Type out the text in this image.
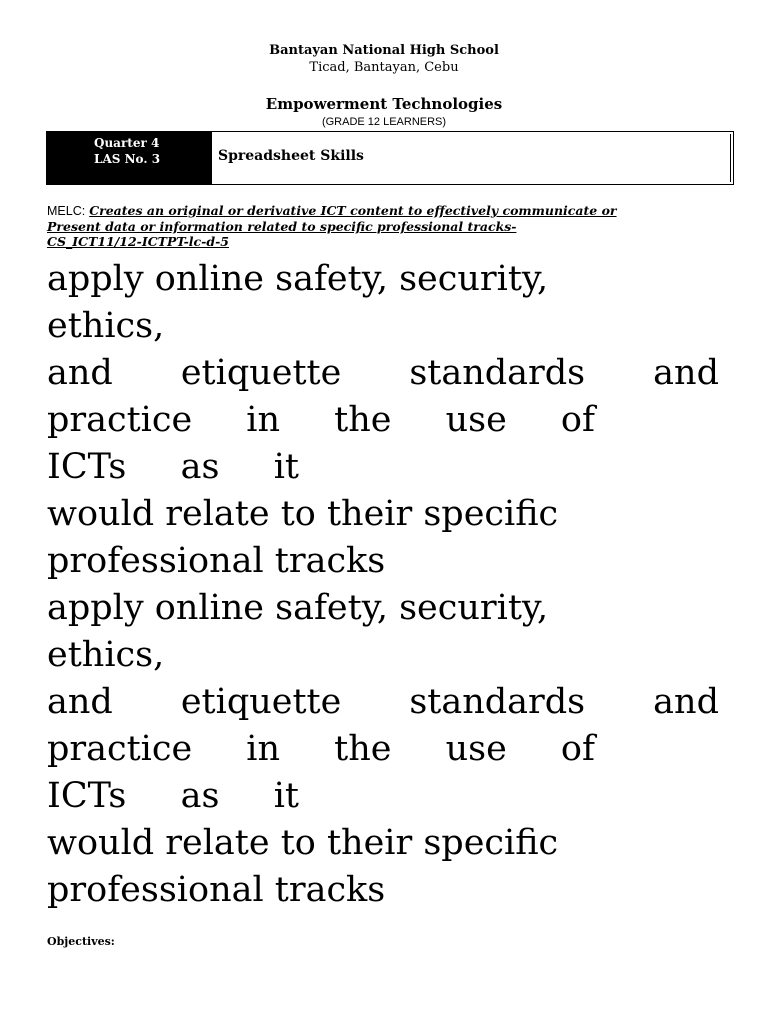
Bantayan National High School
Ticad, Bantayan, Cebu
Empowerment Technologies
(GRADE 12 LEARNERS)
Quarter 4
LAS No. 3	Spreadsheet Skills
MELC: Creates an original or derivative ICT content to effectively communicate or
Present data or information related to specific professional tracks-
CS_ICT11/12-ICTPT-lc-d-5
apply online safety, security,
ethics,
and etiquette standards and
practice in the use of
ICTs as it
would relate to their specific
professional tracks
apply online safety, security,
ethics,
and etiquette standards and
practice in the use of
ICTs as it
would relate to their specific
professional tracks
Objectives:
